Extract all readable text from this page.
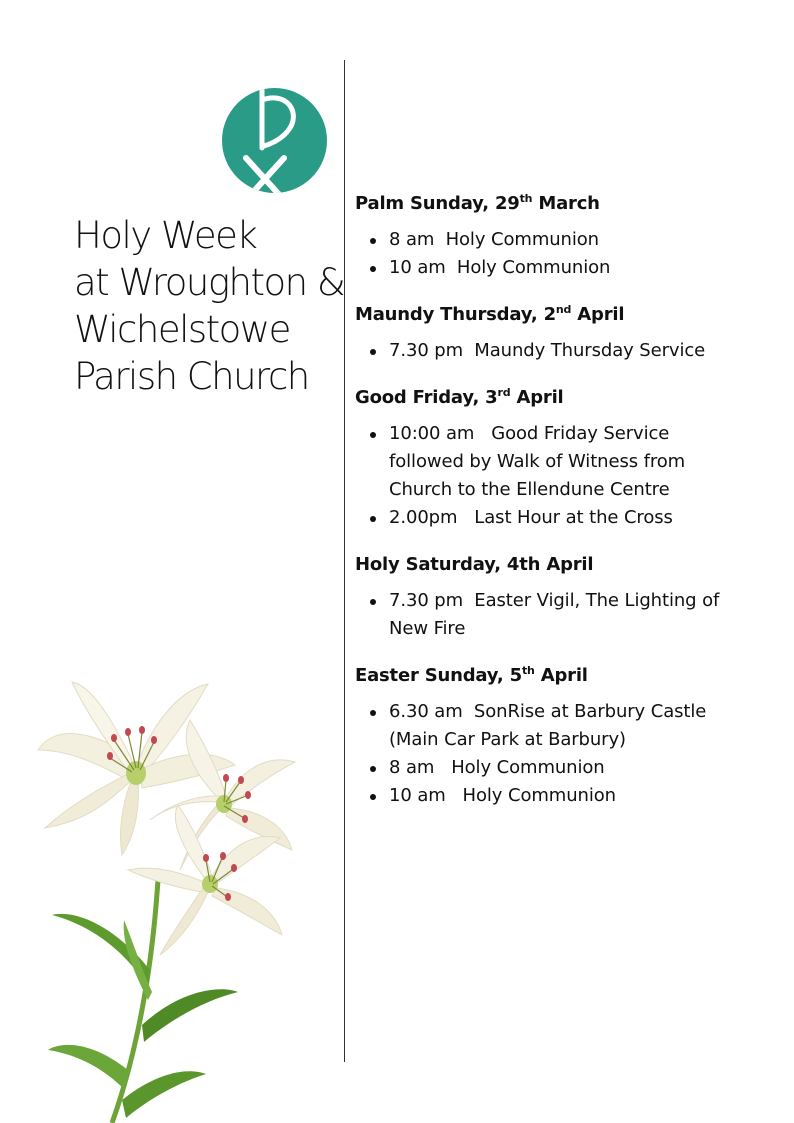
Holy Week
at Wroughton &
Wichelstowe
Parish Church
Palm Sunday, 29th March
8 am  Holy Communion
10 am  Holy Communion
Maundy Thursday, 2nd April
7.30 pm  Maundy Thursday Service
Good Friday, 3rd April
10:00 am   Good Friday Service followed by Walk of Witness from Church to the Ellendune Centre
2.00pm   Last Hour at the Cross
Holy Saturday, 4th April
7.30 pm  Easter Vigil, The Lighting of New Fire
Easter Sunday, 5th April
6.30 am  SonRise at Barbury Castle (Main Car Park at Barbury)
8 am   Holy Communion
10 am   Holy Communion
